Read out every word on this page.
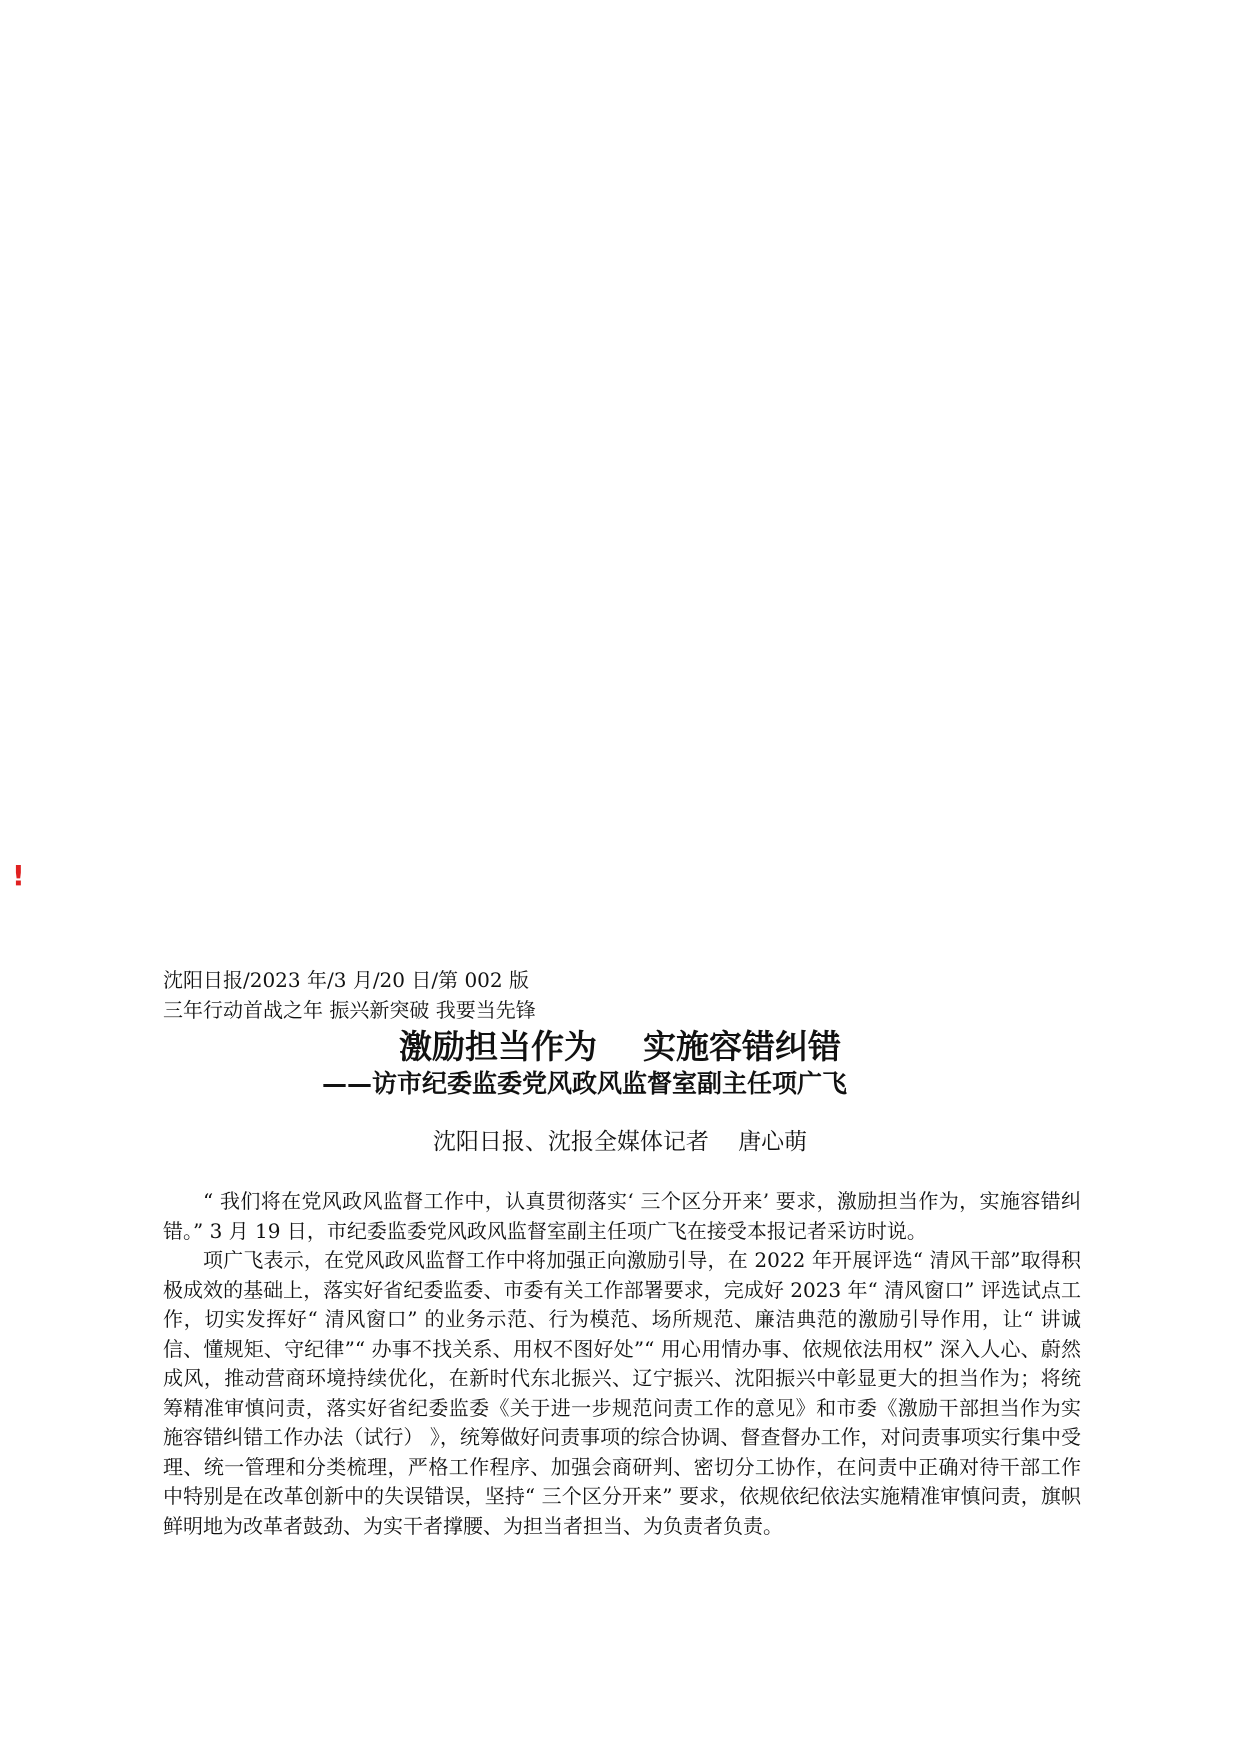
!
沈阳日报/2023 年/3 月/20 日/第 002 版
三年行动首战之年 振兴新突破 我要当先锋
激励担当作为    实施容错纠错
——访市纪委监委党风政风监督室副主任项广飞
沈阳日报、沈报全媒体记者    唐心萌

“ 我们将在党风政风监督工作中，认真贯彻落实‘ 三个区分开来’ 要求，激励担当作为，实施容错纠错。” 3 月 19 日，市纪委监委党风政风监督室副主任项广飞在接受本报记者采访时说。

项广飞表示，在党风政风监督工作中将加强正向激励引导，在 2022 年开展评选“ 清风干部”取得积极成效的基础上，落实好省纪委监委、市委有关工作部署要求，完成好 2023 年“ 清风窗口” 评选试点工作，切实发挥好“ 清风窗口” 的业务示范、行为模范、场所规范、廉洁典范的激励引导作用，让“ 讲诚信、懂规矩、守纪律”“ 办事不找关系、用权不图好处”“ 用心用情办事、依规依法用权” 深入人心、蔚然成风，推动营商环境持续优化，在新时代东北振兴、辽宁振兴、沈阳振兴中彰显更大的担当作为；将统筹精准审慎问责，落实好省纪委监委《关于进一步规范问责工作的意见》和市委《激励干部担当作为实施容错纠错工作办法（试行） 》，统筹做好问责事项的综合协调、督查督办工作，对问责事项实行集中受理、统一管理和分类梳理，严格工作程序、加强会商研判、密切分工协作，在问责中正确对待干部工作中特别是在改革创新中的失误错误，坚持“ 三个区分开来” 要求，依规依纪依法实施精准审慎问责，旗帜鲜明地为改革者鼓劲、为实干者撑腰、为担当者担当、为负责者负责。
